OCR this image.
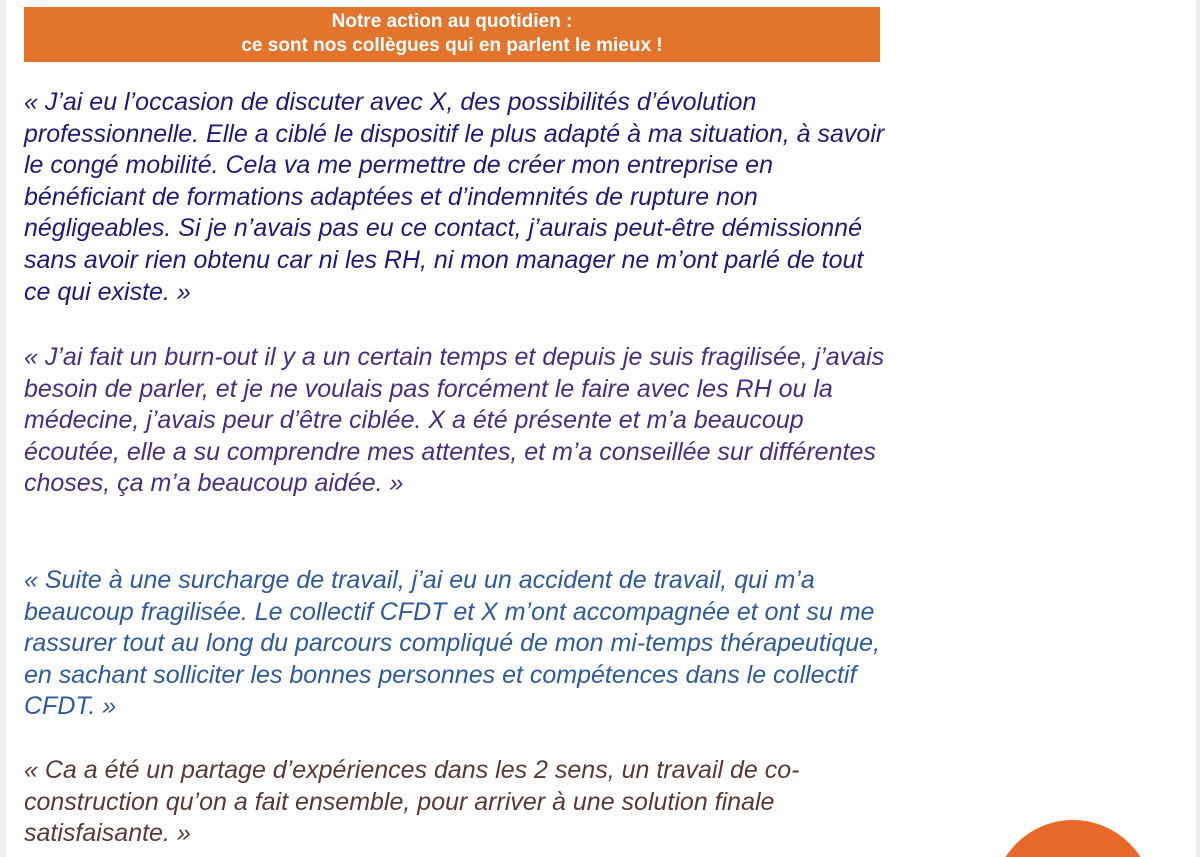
Notre action au quotidien :
ce sont nos collègues qui en parlent le mieux !

« J’ai eu l’occasion de discuter avec X, des possibilités d’évolution professionnelle. Elle a ciblé le dispositif le plus adapté à ma situation, à savoir le congé mobilité. Cela va me permettre de créer mon entreprise en bénéficiant de formations adaptées et d’indemnités de rupture non négligeables. Si je n’avais pas eu ce contact, j’aurais peut-être démissionné sans avoir rien obtenu car ni les RH, ni mon manager ne m’ont parlé de tout ce qui existe. »

« J’ai fait un burn-out il y a un certain temps et depuis je suis fragilisée, j’avais besoin de parler, et je ne voulais pas forcément le faire avec les RH ou la médecine, j’avais peur d’être ciblée. X a été présente et m’a beaucoup écoutée, elle a su comprendre mes attentes, et m’a conseillée sur différentes choses, ça m’a beaucoup aidée. »

« Suite à une surcharge de travail, j’ai eu un accident de travail, qui m’a beaucoup fragilisée. Le collectif CFDT et X m’ont accompagnée et ont su me rassurer tout au long du parcours compliqué de mon mi-temps thérapeutique, en sachant solliciter les bonnes personnes et compétences dans le collectif CFDT. »

« Ca a été un partage d’expériences dans les 2 sens, un travail de co-construction qu’on a fait ensemble, pour arriver à une solution finale satisfaisante. »
